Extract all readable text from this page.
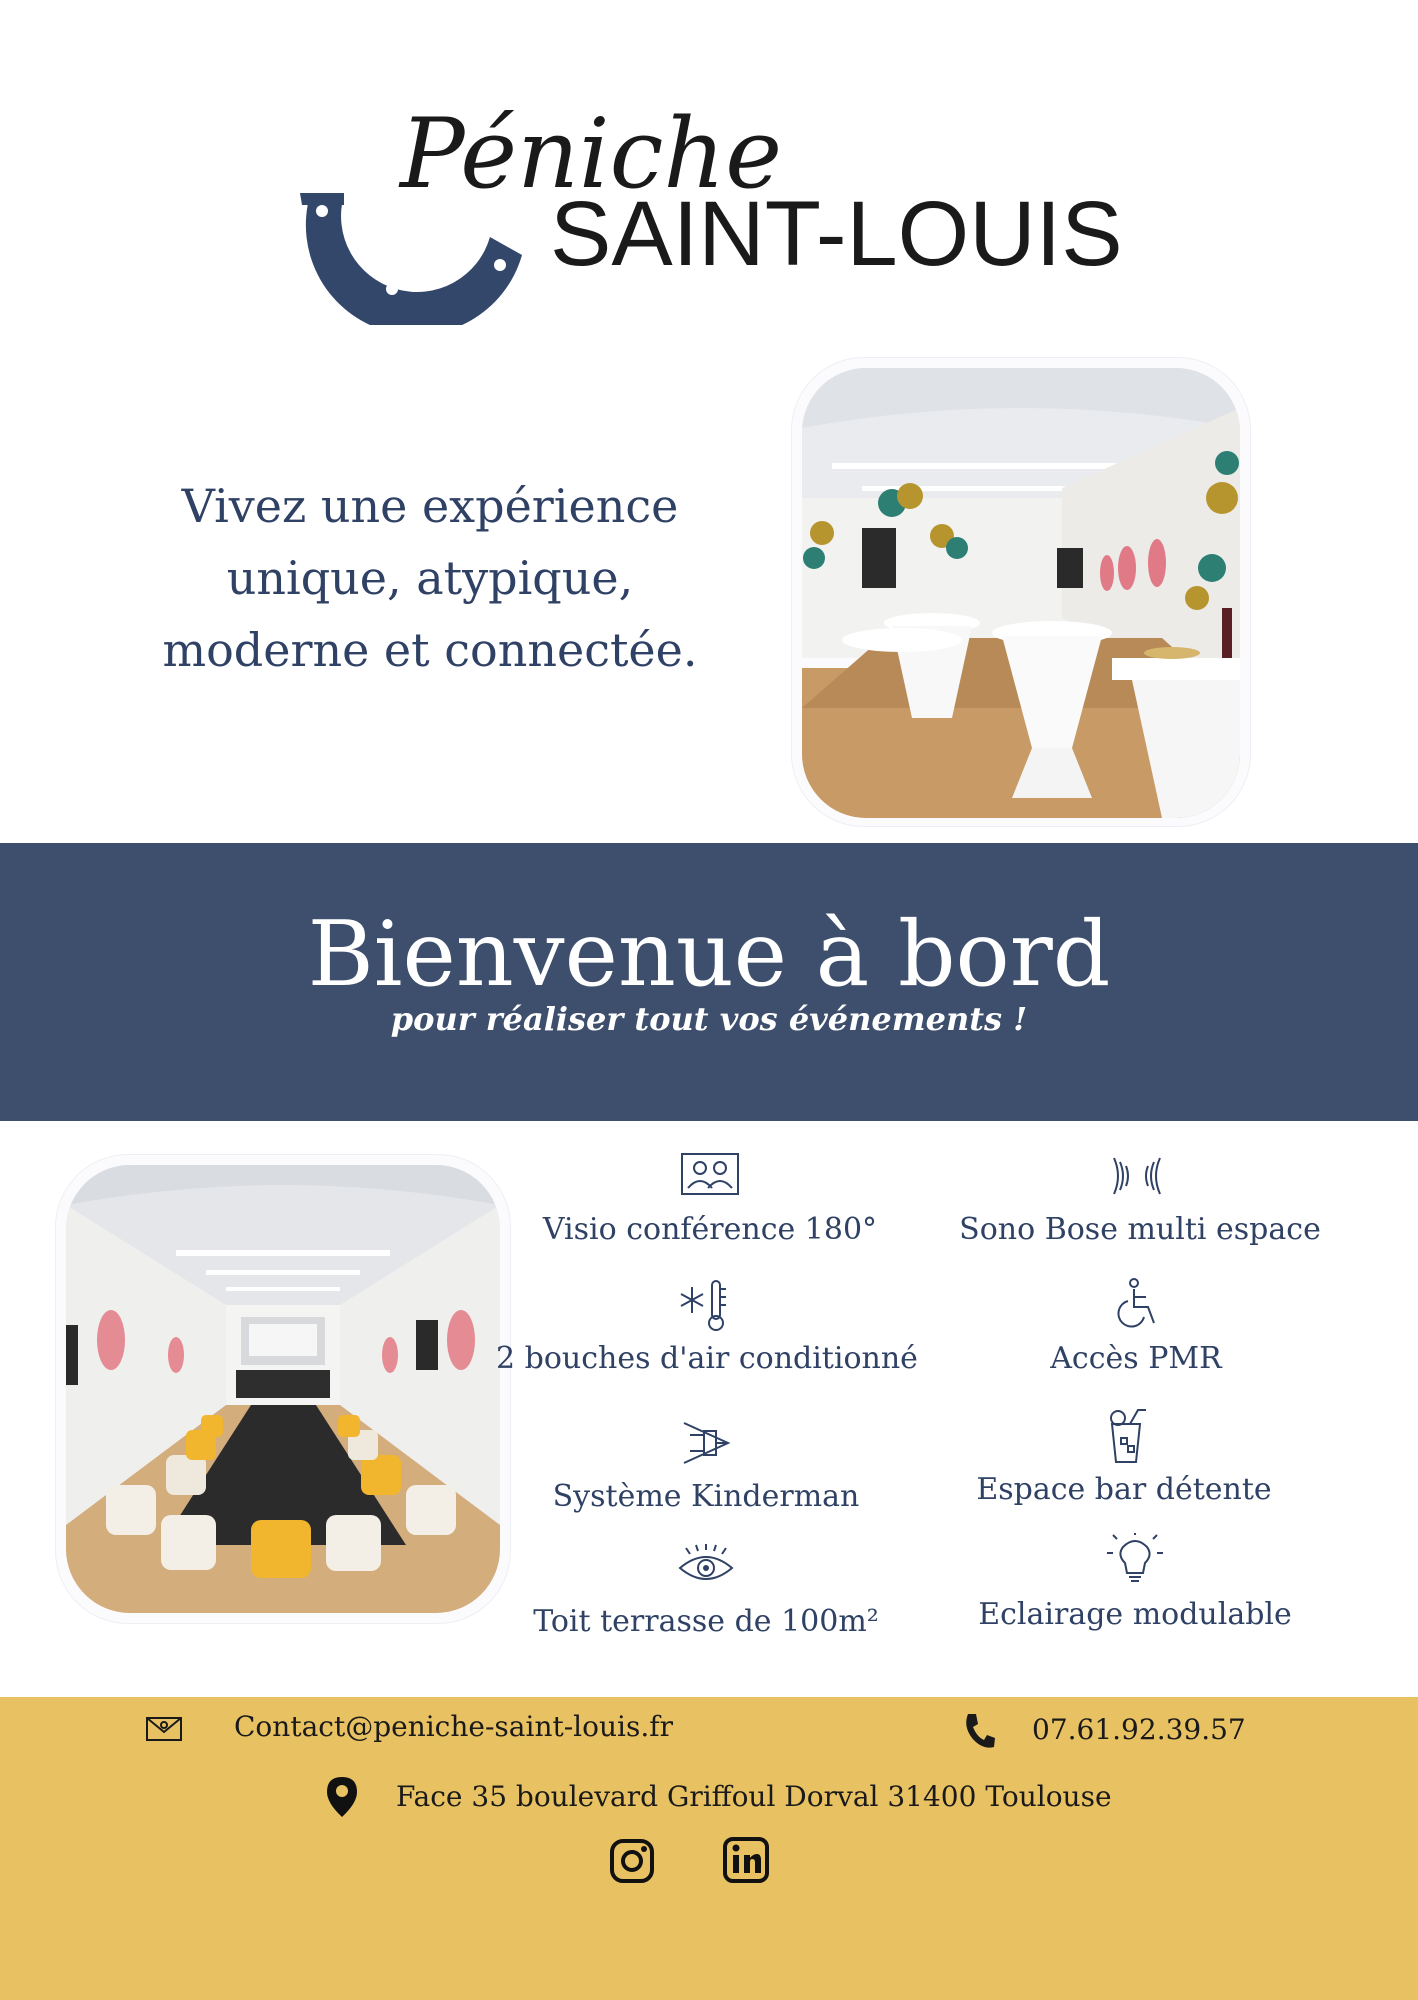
Péniche
SAINT-LOUIS

Vivez une expérience
unique, atypique,
moderne et connectée.

Bienvenue à bord

pour réaliser tout vos événements !

Visio conférence 180°	Sono Bose multi espace
2 bouches d'air conditionné	Accès PMR
Système Kinderman	Espace bar détente
Toit terrasse de 100m²	Eclairage modulable
Contact@peniche-saint-louis.fr	07.61.92.39.57
Face 35 boulevard Griffoul Dorval 31400 Toulouse
